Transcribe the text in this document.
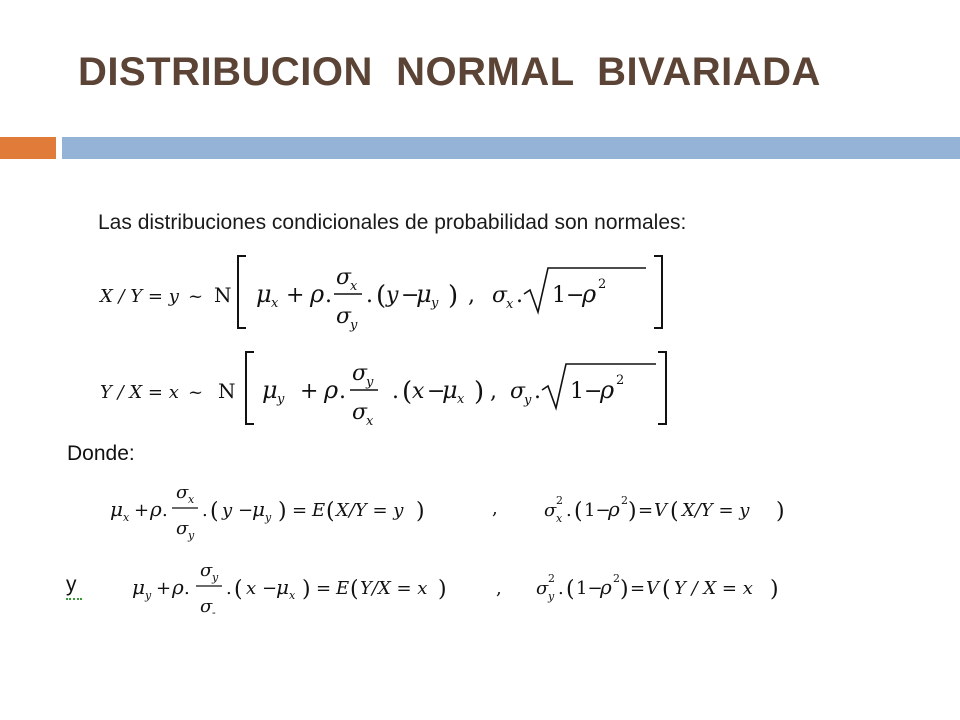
DISTRIBUCION  NORMAL  BIVARIADA
Las distribuciones condicionales de probabilidad son normales:
X / Y = y ~ N μ x + ρ .
σ
x
σ
y
. ( y −
μ y ) , σ
x . 1−
ρ 2
Y / X = x ~ N μ y + ρ .
σ
y
σ
x
. ( x −
μ x ) , σ
y . 1−
ρ 2
Donde:
μ x + ρ .
σ x
σ y
. ( y −
μ y ) = E ( X/Y = y )	,	σ 2
x . ( 1−
ρ 2 ) = V ( X/Y = y )
y	μ y + ρ .
σ y
σ -
. ( x −
μ x ) = E ( Y/X = x )	, σ 2
y . ( 1−
ρ 2 ) = V ( Y / X = x )
